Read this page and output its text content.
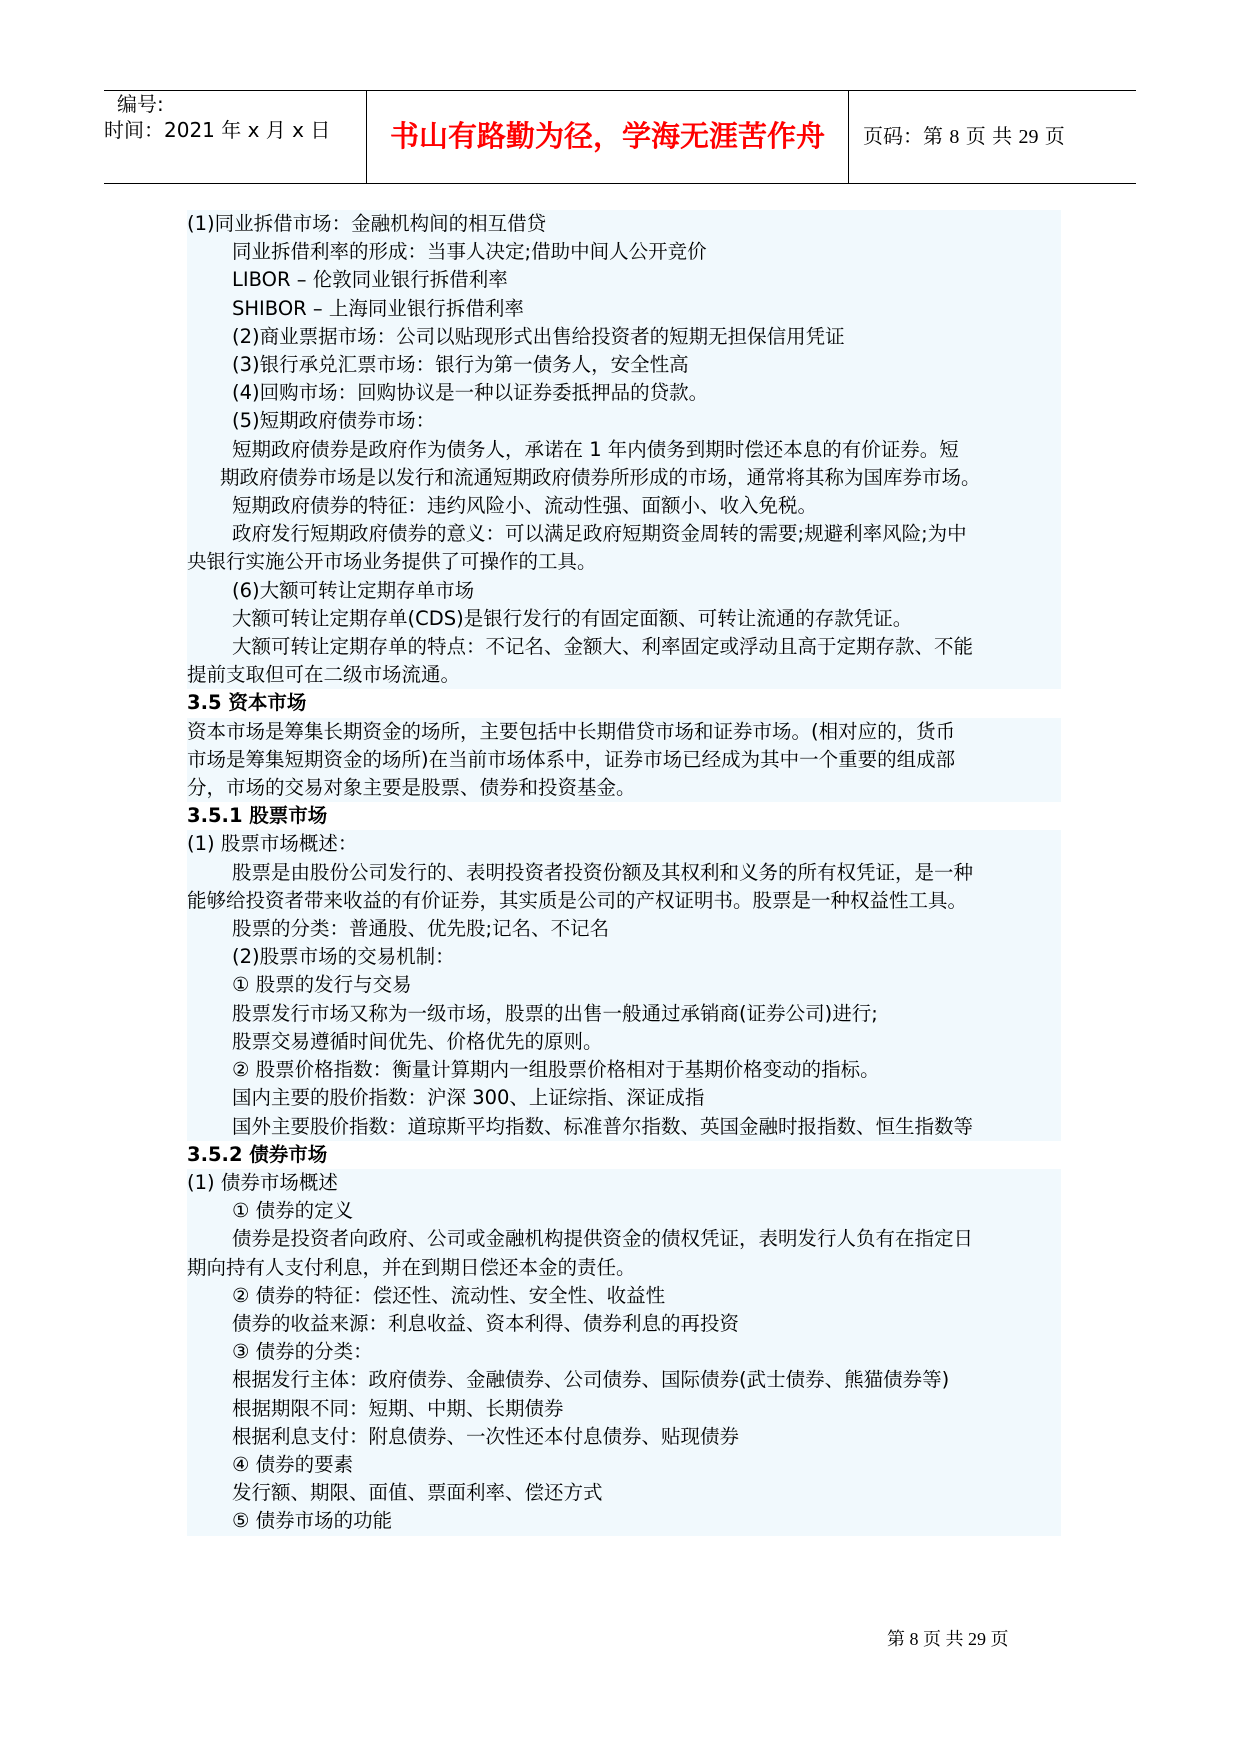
编号:
时间：2021 年 x 月 x 日	书山有路勤为径，学海无涯苦作舟	页码：第 8 页 共 29 页
(1)同业拆借市场：金融机构间的相互借贷
同业拆借利率的形成：当事人决定;借助中间人公开竞价
LIBOR – 伦敦同业银行拆借利率
SHIBOR – 上海同业银行拆借利率
(2)商业票据市场：公司以贴现形式出售给投资者的短期无担保信用凭证
(3)银行承兑汇票市场：银行为第一债务人，安全性高
(4)回购市场：回购协议是一种以证券委抵押品的贷款。
(5)短期政府债券市场：
短期政府债券是政府作为债务人，承诺在 1 年内债务到期时偿还本息的有价证券。短
期政府债券市场是以发行和流通短期政府债券所形成的市场，通常将其称为国库券市场。
短期政府债券的特征：违约风险小、流动性强、面额小、收入免税。
政府发行短期政府债券的意义：可以满足政府短期资金周转的需要;规避利率风险;为中
央银行实施公开市场业务提供了可操作的工具。
(6)大额可转让定期存单市场
大额可转让定期存单(CDS)是银行发行的有固定面额、可转让流通的存款凭证。
大额可转让定期存单的特点：不记名、金额大、利率固定或浮动且高于定期存款、不能
提前支取但可在二级市场流通。
3.5 资本市场
资本市场是筹集长期资金的场所，主要包括中长期借贷市场和证券市场。(相对应的，货币
市场是筹集短期资金的场所)在当前市场体系中，证券市场已经成为其中一个重要的组成部
分，市场的交易对象主要是股票、债券和投资基金。
3.5.1 股票市场
(1) 股票市场概述：
股票是由股份公司发行的、表明投资者投资份额及其权利和义务的所有权凭证，是一种
能够给投资者带来收益的有价证券，其实质是公司的产权证明书。股票是一种权益性工具。
股票的分类：普通股、优先股;记名、不记名
(2)股票市场的交易机制：
① 股票的发行与交易
股票发行市场又称为一级市场，股票的出售一般通过承销商(证券公司)进行;
股票交易遵循时间优先、价格优先的原则。
② 股票价格指数：衡量计算期内一组股票价格相对于基期价格变动的指标。
国内主要的股价指数：沪深 300、上证综指、深证成指
国外主要股价指数：道琼斯平均指数、标准普尔指数、英国金融时报指数、恒生指数等
3.5.2 债券市场
(1) 债券市场概述
① 债券的定义
债券是投资者向政府、公司或金融机构提供资金的债权凭证，表明发行人负有在指定日
期向持有人支付利息，并在到期日偿还本金的责任。
② 债券的特征：偿还性、流动性、安全性、收益性
债券的收益来源：利息收益、资本利得、债券利息的再投资
③ 债券的分类：
根据发行主体：政府债券、金融债券、公司债券、国际债券(武士债券、熊猫债券等)
根据期限不同：短期、中期、长期债券
根据利息支付：附息债券、一次性还本付息债券、贴现债券
④ 债券的要素
发行额、期限、面值、票面利率、偿还方式
⑤ 债券市场的功能
第 8 页 共 29 页
